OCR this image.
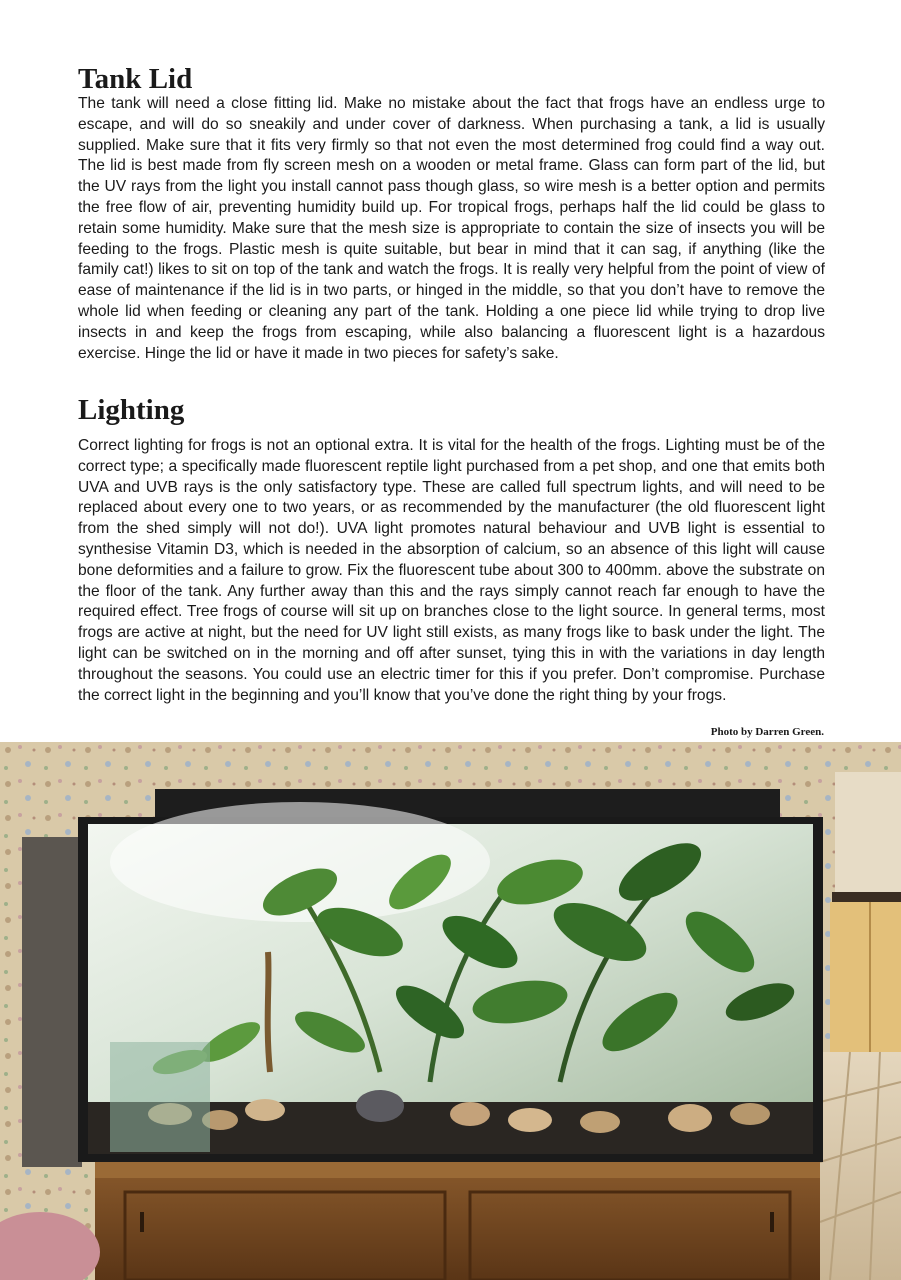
Tank Lid

The tank will need a close fitting lid. Make no mistake about the fact that frogs have an endless urge to escape, and will do so sneakily and under cover of darkness. When purchasing a tank, a lid is usually supplied. Make sure that it fits very firmly so that not even the most determined frog could find a way out. The lid is best made from fly screen mesh on a wooden or metal frame. Glass can form part of the lid, but the UV rays from the light you install cannot pass though glass, so wire mesh is a better option and permits the free flow of air, preventing humidity build up. For tropical frogs, perhaps half the lid could be glass to retain some humidity. Make sure that the mesh size is appropriate to contain the size of insects you will be feeding to the frogs. Plastic mesh is quite suitable, but bear in mind that it can sag, if anything (like the family cat!) likes to sit on top of the tank and watch the frogs. It is really very helpful from the point of view of ease of maintenance if the lid is in two parts, or hinged in the middle, so that you don’t have to remove the whole lid when feeding or cleaning any part of the tank. Holding a one piece lid while trying to drop live insects in and keep the frogs from escaping, while also balancing a fluorescent light is a hazardous exercise. Hinge the lid or have it made in two pieces for safety’s sake.

Lighting

Correct lighting for frogs is not an optional extra. It is vital for the health of the frogs. Lighting must be of the correct type; a specifically made fluorescent reptile light purchased from a pet shop, and one that emits both UVA and UVB rays is the only satisfactory type. These are called full spectrum lights, and will need to be replaced about every one to two years, or as recommended by the manufacturer (the old fluorescent light from the shed simply will not do!). UVA light promotes natural behaviour and UVB light is essential to synthesise Vitamin D3, which is needed in the absorption of calcium, so an absence of this light will cause bone deformities and a failure to grow. Fix the fluorescent tube about 300 to 400mm. above the substrate on the floor of the tank. Any further away than this and the rays simply cannot reach far enough to have the required effect. Tree frogs of course will sit up on branches close to the light source. In general terms, most frogs are active at night, but the need for UV light still exists, as many frogs like to bask under the light. The light can be switched on in the morning and off after sunset, tying this in with the variations in day length throughout the seasons. You could use an electric timer for this if you prefer. Don’t compromise. Purchase the correct light in the beginning and you’ll know that you’ve done the right thing by your frogs.

Photo by Darren Green.
